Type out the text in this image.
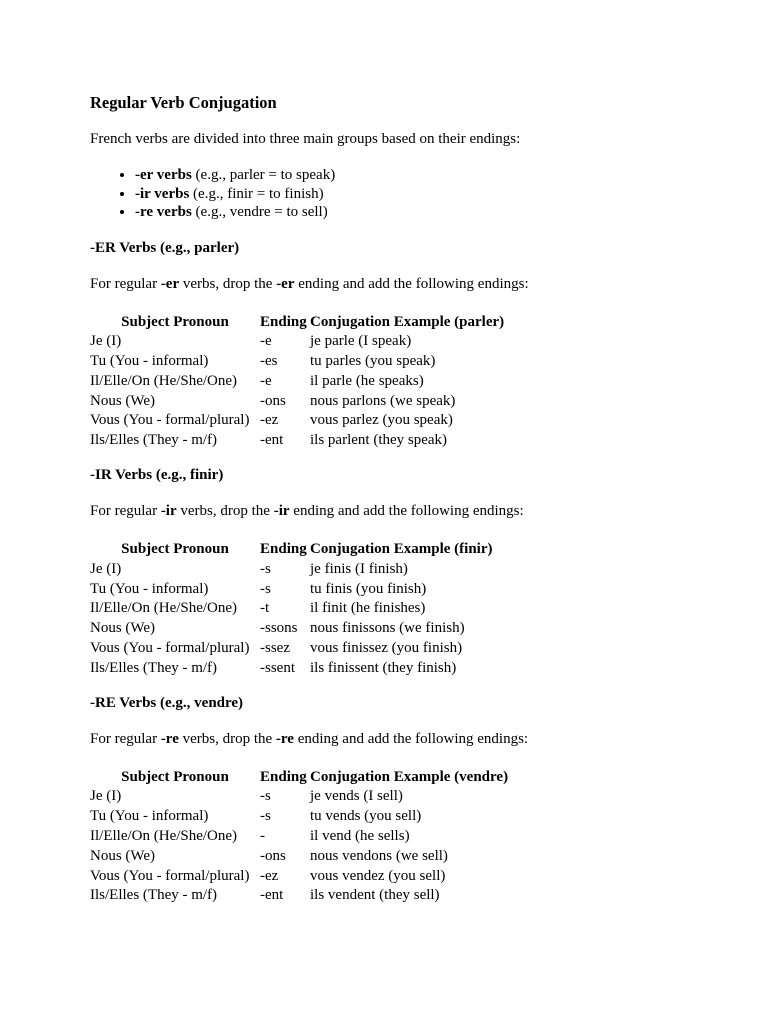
Regular Verb Conjugation

French verbs are divided into three main groups based on their endings:

• -er verbs (e.g., parler = to speak)
• -ir verbs (e.g., finir = to finish)
• -re verbs (e.g., vendre = to sell)
-ER Verbs (e.g., parler)

For regular -er verbs, drop the -er ending and add the following endings:

Subject Pronoun	Ending	Conjugation Example (parler)
Je (I)	-e	je parle (I speak)
Tu (You - informal)	-es	tu parles (you speak)
Il/Elle/On (He/She/One)	-e	il parle (he speaks)
Nous (We)	-ons	nous parlons (we speak)
Vous (You - formal/plural)	-ez	vous parlez (you speak)
Ils/Elles (They - m/f)	-ent	ils parlent (they speak)
-IR Verbs (e.g., finir)

For regular -ir verbs, drop the -ir ending and add the following endings:

Subject Pronoun	Ending	Conjugation Example (finir)
Je (I)	-s	je finis (I finish)
Tu (You - informal)	-s	tu finis (you finish)
Il/Elle/On (He/She/One)	-t	il finit (he finishes)
Nous (We)	-ssons	nous finissons (we finish)
Vous (You - formal/plural)	-ssez	vous finissez (you finish)
Ils/Elles (They - m/f)	-ssent	ils finissent (they finish)
-RE Verbs (e.g., vendre)

For regular -re verbs, drop the -re ending and add the following endings:

Subject Pronoun	Ending	Conjugation Example (vendre)
Je (I)	-s	je vends (I sell)
Tu (You - informal)	-s	tu vends (you sell)
Il/Elle/On (He/She/One)	-	il vend (he sells)
Nous (We)	-ons	nous vendons (we sell)
Vous (You - formal/plural)	-ez	vous vendez (you sell)
Ils/Elles (They - m/f)	-ent	ils vendent (they sell)
